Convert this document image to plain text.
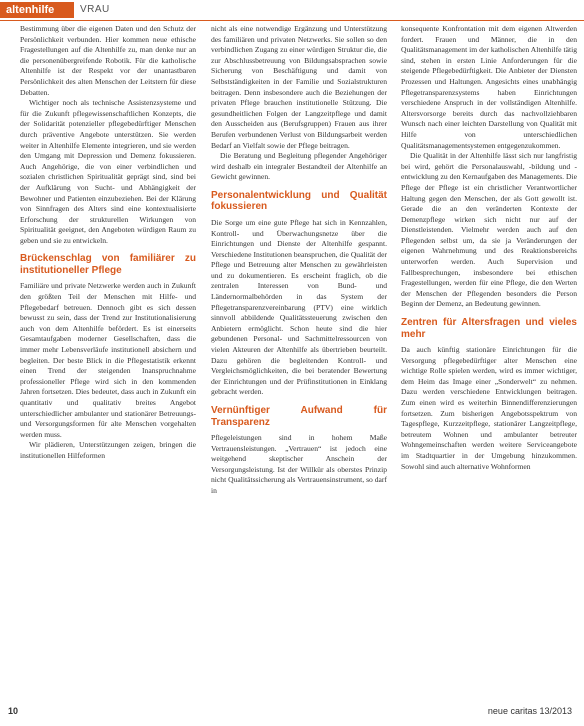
altenhilfe	VRAU

Bestimmung über die eigenen Daten und den Schutz der Persönlichkeit verbunden. Hier kommen neue ethische Fragestellungen auf die Altenhilfe zu, man denke nur an die personenübergreifende Robotik. Für die katholische Altenhilfe ist der Respekt vor der unantastbaren Persönlichkeit des alten Menschen der Leitstern für diese Debatten.

Wichtiger noch als technische Assistenzsysteme und für die Zukunft pflegewissenschaftlichen Konzepts, die der Solidarität potenzieller pflegebedürftiger Menschen durch präventive Angebote unterstützen. Sie werden weiter in Altenhilfe Elemente integrieren, und sie werden den Umgang mit Depression und Demenz fokussieren. Auch Angehörige, die von einer verbindlichen und sozialen christlichen Spiritualität geprägt sind, sind bei der Aufklärung von Sucht- und Abhängigkeit der Bewohner und Patienten einzubeziehen. Bei der Klärung von Sinnfragen des Alters sind eine kontextualisierte Erforschung der strukturellen Wirkungen von Spiritualität geeignet, den Angeboten würdigen Raum zu geben und sie zu entwickeln.

Brückenschlag von familiärer zu institutioneller Pflege

Familiäre und private Netzwerke werden auch in Zukunft den größten Teil der Menschen mit Hilfe- und Pflegebedarf betreuen. Dennoch gibt es sich dessen bewusst zu sein, dass der Trend zur Institutionalisierung auch von dem Altenhilfe befördert. Es ist einerseits Gesamtaufgaben moderner Gesellschaften, dass die immer mehr Lebensverläufe institutionell absichern und begleiten. Der beste Blick in die Pflegestatistik erkennt einen Trend der steigenden Inanspruchnahme professioneller Pflege wird sich in den kommenden Jahren fortsetzen. Dies bedeutet, dass auch in Zukunft ein quantitativ und qualitativ breites Angebot unterschiedlicher ambulanter und stationärer Betreuungs- und Versorgungsformen für alte Menschen vorgehalten werden muss.

Wir plädieren, Unterstützungen zeigen, bringen die institutionellen Hilfeformen

nicht als eine notwendige Ergänzung und Unterstützung des familiären und privaten Netzwerks. Sie sollen so den verbindlichen Zugang zu einer würdigen Struktur die, die zur Abschlussbetreuung von Bildungsabsprachen sowie Sicherung von Beschäftigung und damit von Selbstständigkeiten in der Familie und Sozialstrukturen beitragen. Denn insbesondere auch die Beziehungen der privaten Pflege brauchen institutionelle Stützung. Die gesundheitlichen Folgen der Langzeitpflege und damit den Ausscheiden aus (Berufsgruppen) Frauen aus ihrer Berufen verbundenen Verlust von Bildungsarbeit werden Bedarf an Vielfalt sowie der Pflege beitragen.

Die Beratung und Begleitung pflegender Angehöriger wird deshalb ein integraler Bestandteil der Altenhilfe an Gewicht gewinnen.

Personalentwicklung und Qualität fokussieren

Die Sorge um eine gute Pflege hat sich in Kennzahlen, Kontroll- und Überwachungsnetze über die Einrichtungen und Dienste der Altenhilfe gespannt. Verschiedene Institutionen beanspruchen, die Qualität der Pflege und Betreuung alter Menschen zu gewährleisten und zu dokumentieren. Es erscheint fraglich, ob die zentralen Interessen von Bund- und Ländernormalbehörden in das System der Pflegetransparenzvereinbarung (PTV) eine wirklich sinnvoll abbildende Qualitätssteuerung zwischen den Anbietern ermöglicht. Schon heute sind die hier gebundenen Personal- und Sachmittelressourcen von vielen Akteuren der Altenhilfe als übertrieben beurteilt. Dazu gehören die begleitenden Kontroll- und Vergleichsmöglichkeiten, die bei beratender Bewertung der Einrichtungen und der Prüfinstitutionen in Einklang gebracht werden.

Vernünftiger Aufwand für Transparenz

Pflegeleistungen sind in hohem Maße Vertrauensleistungen. „Vertrauen“ ist jedoch eine weitgehend skeptischer Anschein der Versorgungsleistung. Ist der Willkür als oberstes Prinzip nicht Qualitätssicherung als Vertrauensinstrument, so darf in

konsequente Konfrontation mit dem eigenen Altwerden fordert. Frauen und Männer, die in den Qualitätsmanagement im der katholischen Altenhilfe tätig sind, stehen in ersten Linie Anforderungen für die steigende Pflegebedürftigkeit. Die Anbieter der Diensten Prozessen und Haltungen. Angesichts eines unabhängig Pflegetransparenzsystems haben Einrichtungen verschiedene Anspruch in der vollständigen Altenhilfe. Altersvorsorge bereits durch das nachvollziehbaren Wunsch nach einer leichten Darstellung von Qualität mit Hilfe von unterschiedlichen Qualitätsmanagementsystemen entgegenzukommen.

Die Qualität in der Altenhilfe lässt sich nur langfristig bei wird, gehört die Personalauswahl, -bildung und -entwicklung zu den Kernaufgaben des Managements. Die Pflege der Pflege ist ein christlicher Verantwortlicher Haltung gegen den Menschen, der als Gott gewollt ist. Gerade die an den veränderten Kontexte der Demenzpflege wirken sich nicht nur auf der Dienstleistenden. Vielmehr werden auch auf den Pflegenden selbst um, da sie ja Veränderungen der eigenen Wahrnehmung und des Reaktionsbereichs unterworfen werden. Auch Supervision und Fallbesprechungen, insbesondere bei ethischen Fragestellungen, werden für eine Pflege, die den Werten der Menschen der Pflegenden besonders die Person Beginn der Demenz, an Bedeutung gewinnen.

Zentren für Altersfragen und vieles mehr

Da auch künftig stationäre Einrichtungen für die Versorgung pflegebedürftiger alter Menschen eine wichtige Rolle spielen werden, wird es immer wichtiger, dem Heim das Image einer „Sonderwelt“ zu nehmen. Dazu werden verschiedene Entwicklungen beitragen. Zum einen wird es weiterhin Binnendifferenzierungen fortsetzen. Zum bisherigen Angebotsspektrum von Tagespflege, Kurzzeitpflege, stationärer Langzeitpflege, betreutem Wohnen und ambulanter betreuter Wohngemeinschaften werden weitere Serviceangebote im Stadtquartier in der Umgebung hinzukommen. Sowohl sind auch alternative Wohnformen

10	neue caritas 13/2013
